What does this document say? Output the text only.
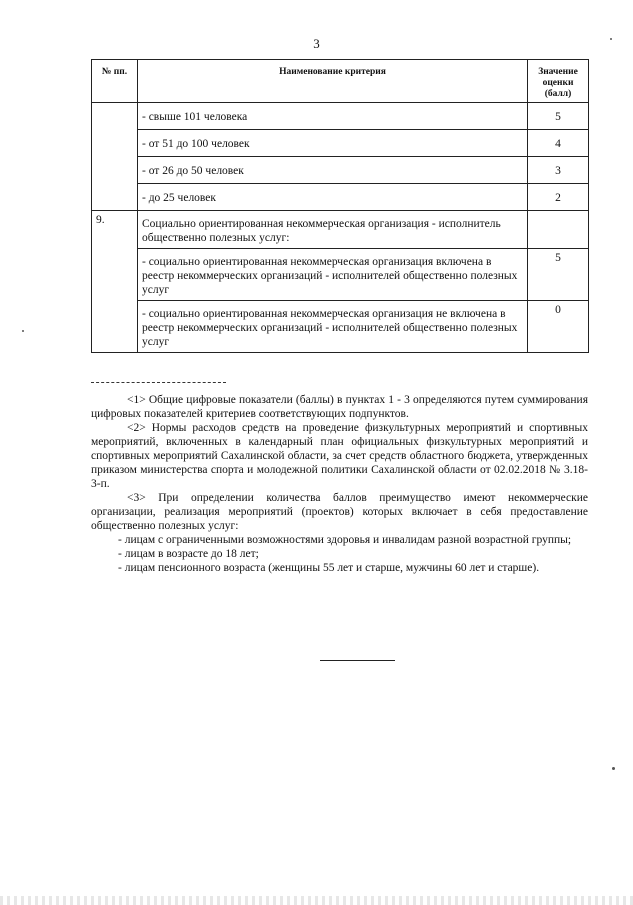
3
№ пп.	Наименование критерия	Значение
оценки
(балл)
	- свыше 101 человека	5
	- от 51 до 100 человек	4
	- от 26 до 50 человек	3
	- до 25 человек	2
9.	Социально ориентированная некоммерческая организация - исполнитель общественно полезных услуг:	
	- социально ориентированная некоммерческая организация включена в реестр некоммерческих организаций - исполнителей общественно полезных услуг	5
	- социально ориентированная некоммерческая организация не включена в реестр некоммерческих организаций - исполнителей общественно полезных услуг	0

<1> Общие цифровые показатели (баллы) в пунктах 1 - 3 определяются путем суммирования цифровых показателей критериев соответствующих подпунктов.

<2> Нормы расходов средств на проведение физкультурных мероприятий и спортивных мероприятий, включенных в календарный план официальных физкультурных мероприятий и спортивных мероприятий Сахалинской области, за счет средств областного бюджета, утвержденных приказом министерства спорта и молодежной политики Сахалинской области от 02.02.2018 № 3.18-3-п.

<3> При определении количества баллов преимущество имеют некоммерческие организации, реализация мероприятий (проектов) которых включает в себя предоставление общественно полезных услуг:

- лицам с ограниченными возможностями здоровья и инвалидам разной возрастной группы;

- лицам в возрасте до 18 лет;

- лицам пенсионного возраста (женщины 55 лет и старше, мужчины 60 лет и старше).
